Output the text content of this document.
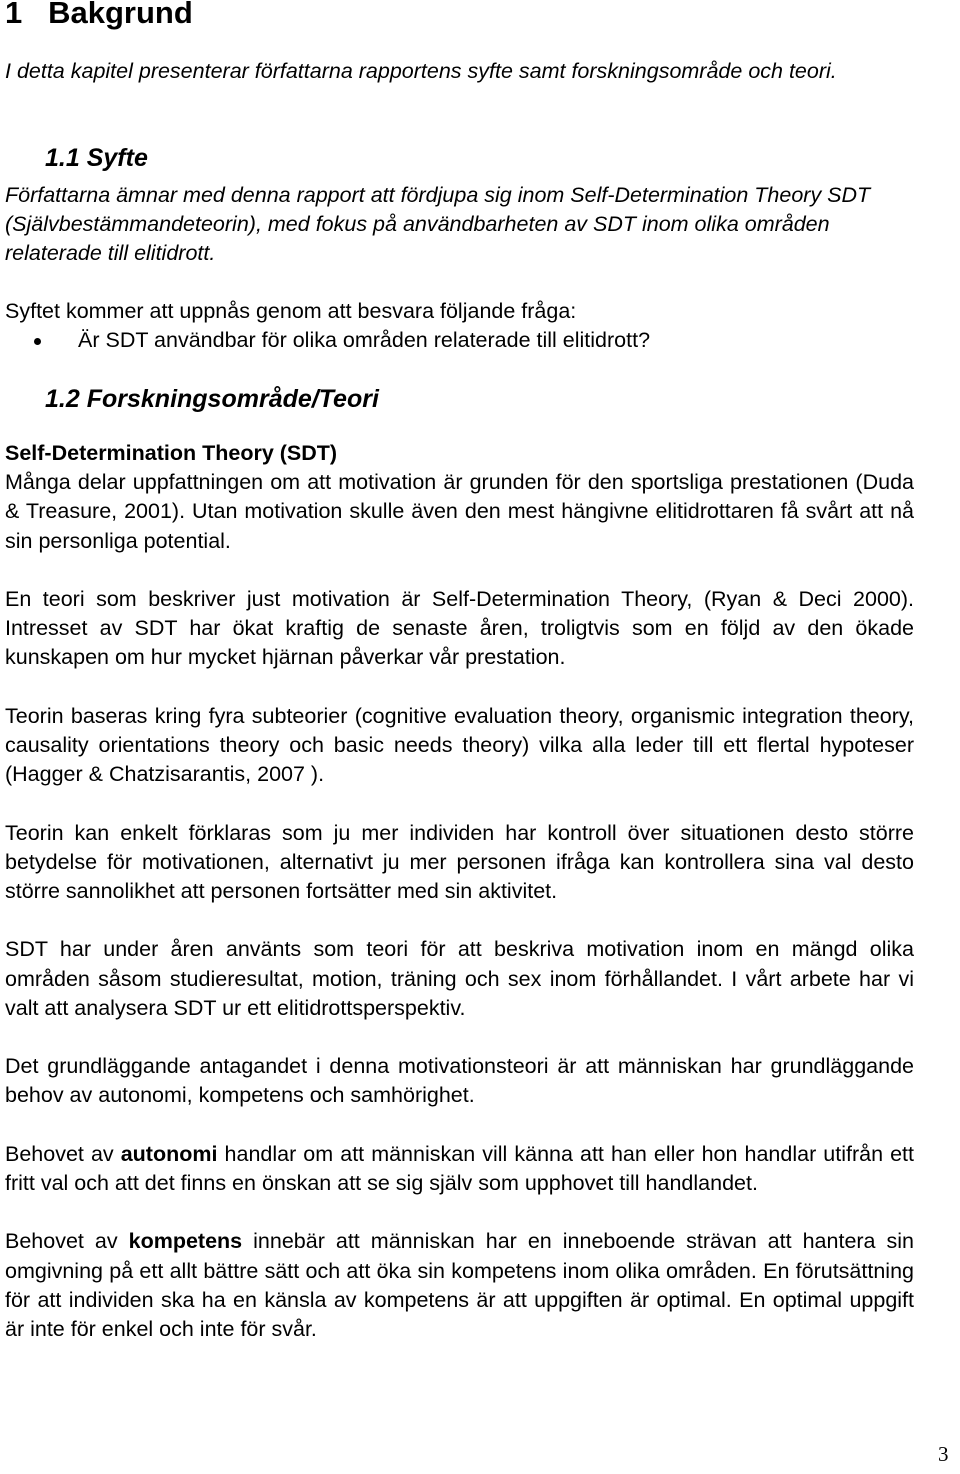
1 Bakgrund

I detta kapitel presenterar författarna rapportens syfte samt forskningsområde och teori.

1.1 Syfte

Författarna ämnar med denna rapport att fördjupa sig inom Self-Determination Theory SDT (Självbestämmandeteorin), med fokus på användbarheten av SDT inom olika områden relaterade till elitidrott.

Syftet kommer att uppnås genom att besvara följande fråga:

Är SDT användbar för olika områden relaterade till elitidrott?
1.2 Forskningsområde/Teori

Self-Determination Theory (SDT)

Många delar uppfattningen om att motivation är grunden för den sportsliga prestationen (Duda & Treasure, 2001). Utan motivation skulle även den mest hängivne elitidrottaren få svårt att nå sin personliga potential.

En teori som beskriver just motivation är Self-Determination Theory, (Ryan & Deci 2000). Intresset av SDT har ökat kraftig de senaste åren, troligtvis som en följd av den ökade kunskapen om hur mycket hjärnan påverkar vår prestation.

Teorin baseras kring fyra subteorier (cognitive evaluation theory, organismic integration theory, causality orientations theory och basic needs theory) vilka alla leder till ett flertal hypoteser (Hagger & Chatzisarantis, 2007 ).

Teorin kan enkelt förklaras som ju mer individen har kontroll över situationen desto större betydelse för motivationen, alternativt ju mer personen ifråga kan kontrollera sina val desto större sannolikhet att personen fortsätter med sin aktivitet.

SDT har under åren använts som teori för att beskriva motivation inom en mängd olika områden såsom studieresultat, motion, träning och sex inom förhållandet. I vårt arbete har vi valt att analysera SDT ur ett elitidrottsperspektiv.

Det grundläggande antagandet i denna motivationsteori är att människan har grundläggande behov av autonomi, kompetens och samhörighet.

Behovet av autonomi handlar om att människan vill känna att han eller hon handlar utifrån ett fritt val och att det finns en önskan att se sig själv som upphovet till handlandet.

Behovet av kompetens innebär att människan har en inneboende strävan att hantera sin omgivning på ett allt bättre sätt och att öka sin kompetens inom olika områden. En förutsättning för att individen ska ha en känsla av kompetens är att uppgiften är optimal. En optimal uppgift är inte för enkel och inte för svår.

3
